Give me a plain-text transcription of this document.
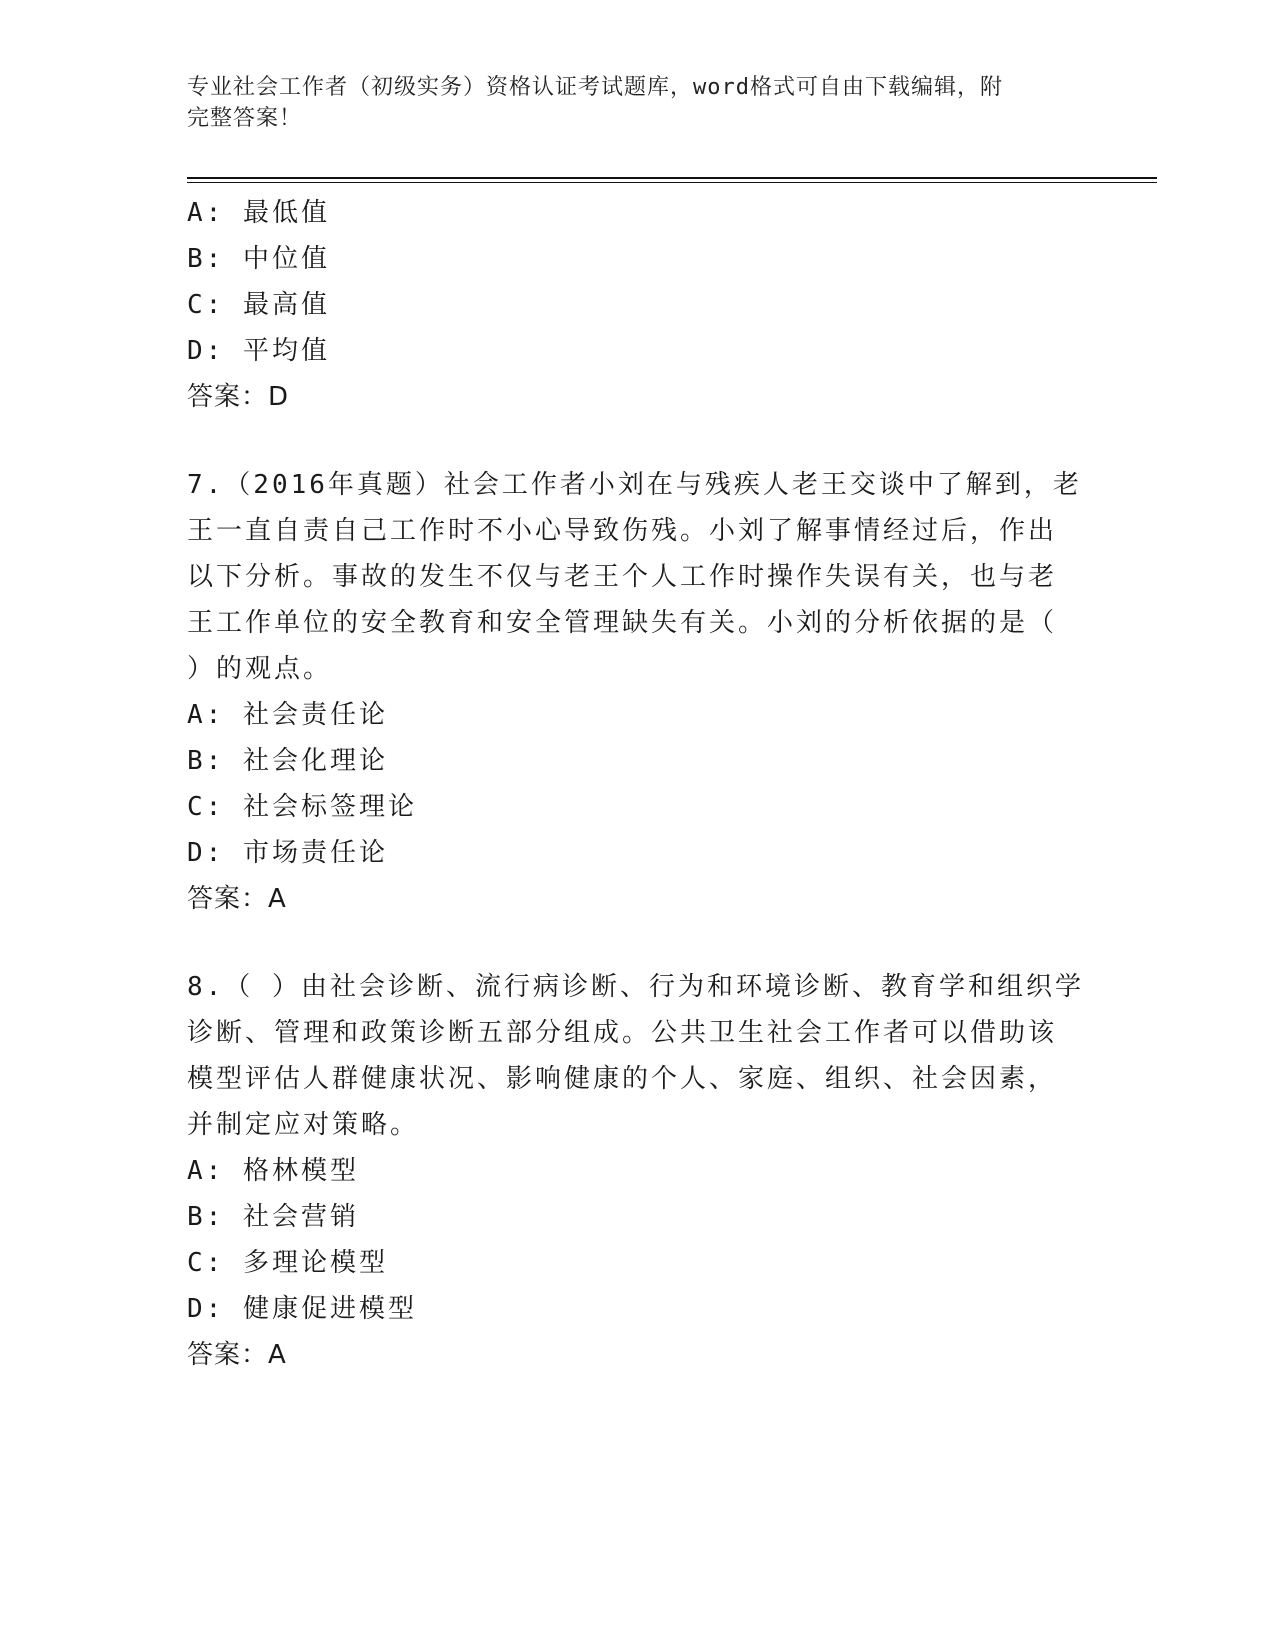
专业社会工作者（初级实务）资格认证考试题库，word格式可自由下载编辑，附
完整答案！
A: 最低值
B: 中位值
C: 最高值
D: 平均值
答案：D
7.（2016年真题）社会工作者小刘在与残疾人老王交谈中了解到，老
王一直自责自己工作时不小心导致伤残。小刘了解事情经过后，作出
以下分析。事故的发生不仅与老王个人工作时操作失误有关，也与老
王工作单位的安全教育和安全管理缺失有关。小刘的分析依据的是（
）的观点。
A: 社会责任论
B: 社会化理论
C: 社会标签理论
D: 市场责任论
答案：A
8.（ ）由社会诊断、流行病诊断、行为和环境诊断、教育学和组织学
诊断、管理和政策诊断五部分组成。公共卫生社会工作者可以借助该
模型评估人群健康状况、影响健康的个人、家庭、组织、社会因素，
并制定应对策略。
A: 格林模型
B: 社会营销
C: 多理论模型
D: 健康促进模型
答案：A
